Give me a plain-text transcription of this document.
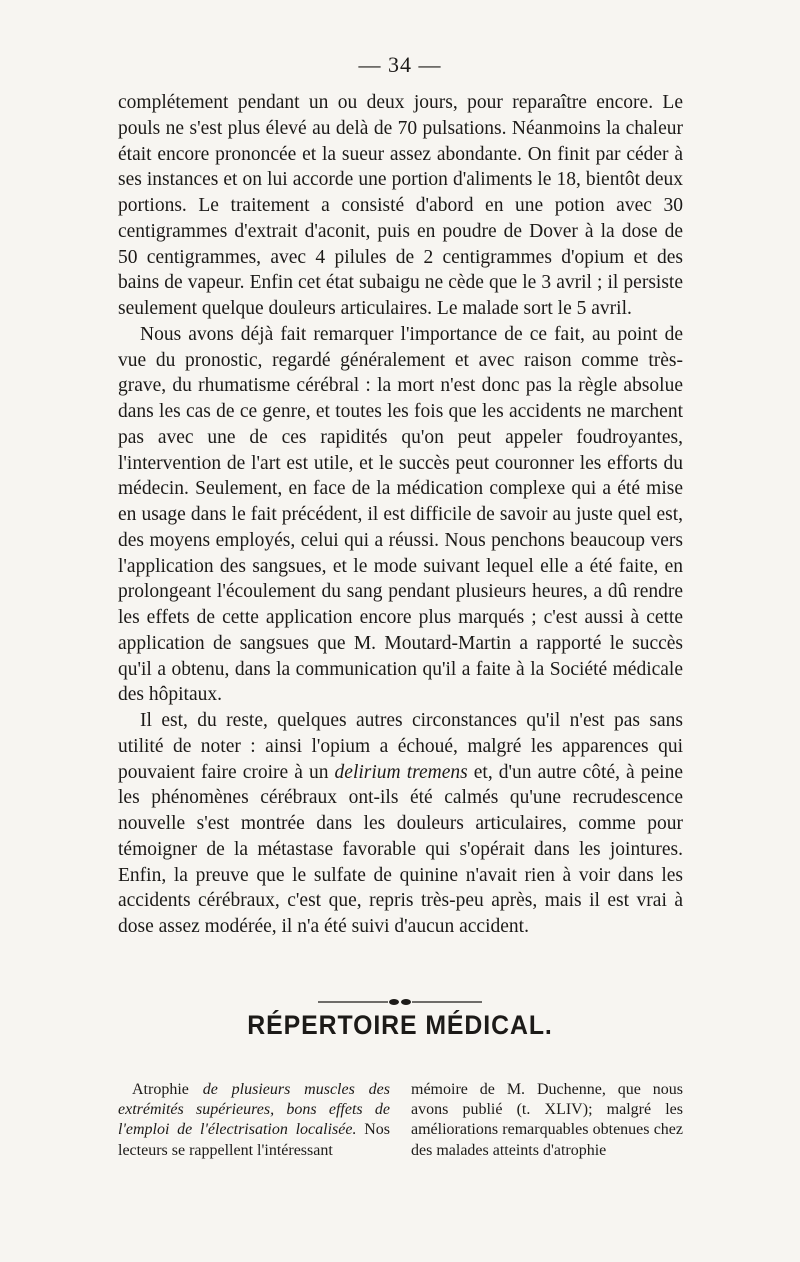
— 34 —

complétement pendant un ou deux jours, pour reparaître encore. Le pouls ne s'est plus élevé au delà de 70 pulsations. Néanmoins la chaleur était encore prononcée et la sueur assez abondante. On finit par céder à ses instances et on lui accorde une portion d'aliments le 18, bientôt deux portions. Le traitement a consisté d'abord en une potion avec 30 centigrammes d'extrait d'aconit, puis en poudre de Dover à la dose de 50 centigrammes, avec 4 pilules de 2 centigrammes d'opium et des bains de vapeur. Enfin cet état subaigu ne cède que le 3 avril ; il persiste seulement quelque douleurs articulaires. Le malade sort le 5 avril.

Nous avons déjà fait remarquer l'importance de ce fait, au point de vue du pronostic, regardé généralement et avec raison comme très-grave, du rhumatisme cérébral : la mort n'est donc pas la règle absolue dans les cas de ce genre, et toutes les fois que les accidents ne marchent pas avec une de ces rapidités qu'on peut appeler foudroyantes, l'intervention de l'art est utile, et le succès peut couronner les efforts du médecin. Seulement, en face de la médication complexe qui a été mise en usage dans le fait précédent, il est difficile de savoir au juste quel est, des moyens employés, celui qui a réussi. Nous penchons beaucoup vers l'application des sangsues, et le mode suivant lequel elle a été faite, en prolongeant l'écoulement du sang pendant plusieurs heures, a dû rendre les effets de cette application encore plus marqués ; c'est aussi à cette application de sangsues que M. Moutard-Martin a rapporté le succès qu'il a obtenu, dans la communication qu'il a faite à la Société médicale des hôpitaux.

Il est, du reste, quelques autres circonstances qu'il n'est pas sans utilité de noter : ainsi l'opium a échoué, malgré les apparences qui pouvaient faire croire à un delirium tremens et, d'un autre côté, à peine les phénomènes cérébraux ont-ils été calmés qu'une recrudescence nouvelle s'est montrée dans les douleurs articulaires, comme pour témoigner de la métastase favorable qui s'opérait dans les jointures. Enfin, la preuve que le sulfate de quinine n'avait rien à voir dans les accidents cérébraux, c'est que, repris très-peu après, mais il est vrai à dose assez modérée, il n'a été suivi d'aucun accident.

RÉPERTOIRE MÉDICAL.
Atrophie de plusieurs muscles des extrémités supérieures, bons effets de l'emploi de l'électrisation localisée. Nos lecteurs se rappellent l'intéressant
mémoire de M. Duchenne, que nous avons publié (t. XLIV); malgré les améliorations remarquables obtenues chez des malades atteints d'atrophie
